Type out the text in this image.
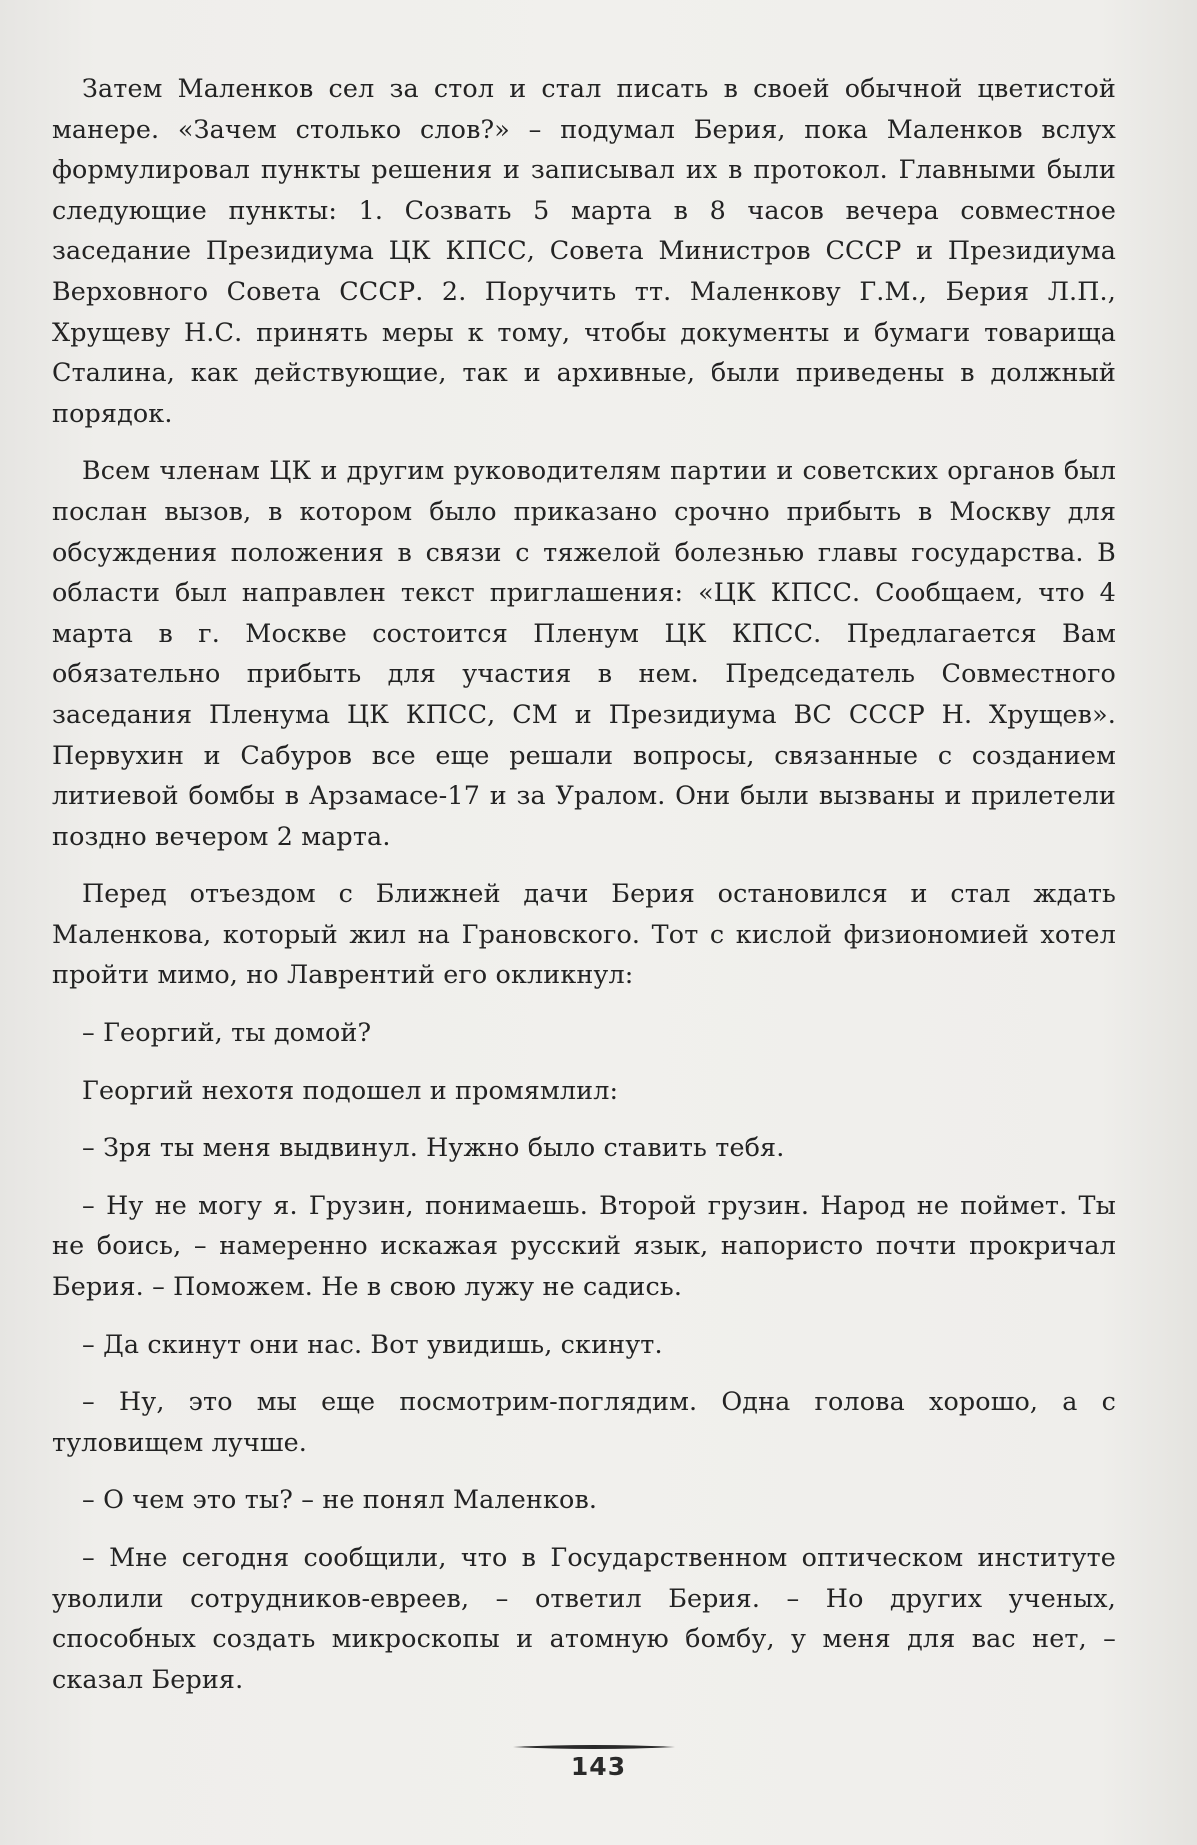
Затем Маленков сел за стол и стал писать в своей обычной цветистой манере. «Зачем столько слов?» – подумал Берия, пока Маленков вслух формулировал пункты решения и записывал их в протокол. Главными были следующие пункты: 1. Созвать 5 марта в 8 часов вечера совместное заседание Президиума ЦК КПСС, Совета Министров СССР и Президиума Верховного Совета СССР. 2. Поручить тт. Маленкову Г.М., Берия Л.П., Хрущеву Н.С. принять меры к тому, чтобы документы и бумаги товарища Сталина, как действующие, так и архивные, были приведены в должный порядок.

Всем членам ЦК и другим руководителям партии и советских органов был послан вызов, в котором было приказано срочно прибыть в Москву для обсуждения положения в связи с тяжелой болезнью главы государства. В области был направлен текст приглашения: «ЦК КПСС. Сообщаем, что 4 марта в г. Москве состоится Пленум ЦК КПСС. Предлагается Вам обязательно прибыть для участия в нем. Председатель Совместного заседания Пленума ЦК КПСС, СМ и Президиума ВС СССР Н. Хрущев». Первухин и Сабуров все еще решали вопросы, связанные с созданием литиевой бомбы в Арзамасе-17 и за Уралом. Они были вызваны и прилетели поздно вечером 2 марта.

Перед отъездом с Ближней дачи Берия остановился и стал ждать Маленкова, который жил на Грановского. Тот с кислой физиономией хотел пройти мимо, но Лаврентий его окликнул:

– Георгий, ты домой?

Георгий нехотя подошел и промямлил:

– Зря ты меня выдвинул. Нужно было ставить тебя.

– Ну не могу я. Грузин, понимаешь. Второй грузин. Народ не поймет. Ты не боись, – намеренно искажая русский язык, напористо почти прокричал Берия. – Поможем. Не в свою лужу не садись.

– Да скинут они нас. Вот увидишь, скинут.

– Ну, это мы еще посмотрим-поглядим. Одна голова хорошо, а с туловищем лучше.

– О чем это ты? – не понял Маленков.

– Мне сегодня сообщили, что в Государственном оптическом институте уволили сотрудников-евреев, – ответил Берия. – Но других ученых, способных создать микроскопы и атомную бомбу, у меня для вас нет, – сказал Берия.

143
